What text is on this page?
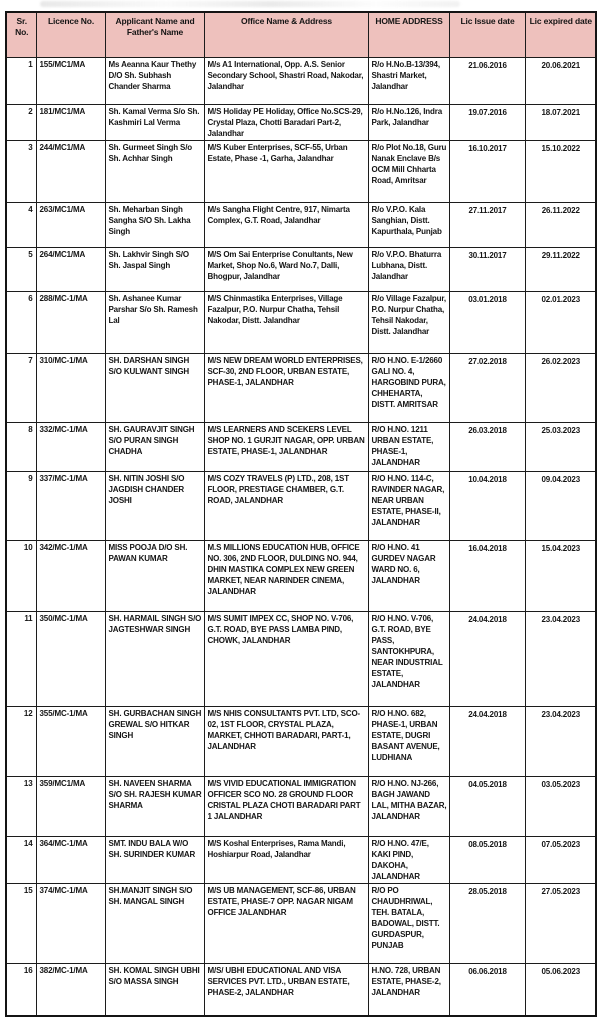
Sr. No.	Licence No.	Applicant Name and Father's Name	Office Name & Address	HOME ADDRESS	Lic Issue date	Lic expired date
1	155/MC1/MA	Ms Aeanna Kaur Thethy D/O Sh. Subhash Chander Sharma	M/s A1 International, Opp. A.S. Senior Secondary School, Shastri Road, Nakodar, Jalandhar	R/o H.No.B-13/394, Shastri Market, Jalandhar	21.06.2016	20.06.2021
2	181/MC1/MA	Sh. Kamal Verma S/o Sh. Kashmiri Lal Verma	M/S Holiday PE Holiday, Office No.SCS-29, Crystal Plaza, Chotti Baradari Part-2, Jalandhar	R/o H.No.126, Indra Park, Jalandhar	19.07.2016	18.07.2021
3	244/MC1/MA	Sh. Gurmeet Singh S/o Sh. Achhar Singh	M/S Kuber Enterprises, SCF-55, Urban Estate, Phase -1, Garha, Jalandhar	R/o Plot No.18, Guru Nanak Enclave B/s OCM Mill Chharta Road, Amritsar	16.10.2017	15.10.2022
4	263/MC1/MA	Sh. Meharban Singh Sangha S/O Sh. Lakha Singh	M/s Sangha Flight Centre, 917, Nimarta Complex, G.T. Road, Jalandhar	R/o V.P.O. Kala Sanghian, Distt. Kapurthala, Punjab	27.11.2017	26.11.2022
5	264/MC1/MA	Sh. Lakhvir Singh S/O Sh. Jaspal Singh	M/S Om Sai Enterprise Conultants, New Market, Shop No.6, Ward No.7, Dalli, Bhogpur, Jalandhar	R/o V.P.O. Bhaturra Lubhana, Distt. Jalandhar	30.11.2017	29.11.2022
6	288/MC-1/MA	Sh. Ashanee Kumar Parshar S/o Sh. Ramesh Lal	M/S Chinmastika Enterprises, Village Fazalpur, P.O. Nurpur Chatha, Tehsil Nakodar, Distt. Jalandhar	R/o Village Fazalpur, P.O. Nurpur Chatha, Tehsil Nakodar, Distt. Jalandhar	03.01.2018	02.01.2023
7	310/MC-1/MA	SH. DARSHAN SINGH S/O KULWANT SINGH	M/S NEW DREAM WORLD ENTERPRISES, SCF-30, 2ND FLOOR, URBAN ESTATE, PHASE-1, JALANDHAR	R/O H.NO. E-1/2660 GALI NO. 4, HARGOBIND PURA, CHHEHARTA, DISTT. AMRITSAR	27.02.2018	26.02.2023
8	332/MC-1/MA	SH. GAURAVJIT SINGH S/O PURAN SINGH CHADHA	M/S LEARNERS AND SCEKERS LEVEL SHOP NO. 1 GURJIT NAGAR, OPP. URBAN ESTATE, PHASE-1, JALANDHAR	R/O H.NO. 1211 URBAN ESTATE, PHASE-1, JALANDHAR	26.03.2018	25.03.2023
9	337/MC-1/MA	SH. NITIN JOSHI S/O JAGDISH CHANDER JOSHI	M/S COZY TRAVELS (P) LTD., 208, 1ST FLOOR, PRESTIAGE CHAMBER, G.T. ROAD, JALANDHAR	R/O H.NO. 114-C, RAVINDER NAGAR, NEAR URBAN ESTATE, PHASE-II, JALANDHAR	10.04.2018	09.04.2023
10	342/MC-1/MA	MISS POOJA D/O SH. PAWAN KUMAR	M.S MILLIONS EDUCATION HUB, OFFICE NO. 306, 2ND FLOOR, DULDING NO. 944, DHIN MASTIKA COMPLEX NEW GREEN MARKET, NEAR NARINDER CINEMA, JALANDHAR	R/O H.NO. 41 GURDEV NAGAR WARD NO. 6, JALANDHAR	16.04.2018	15.04.2023
11	350/MC-1/MA	SH. HARMAIL SINGH S/O JAGTESHWAR SINGH	M/S SUMIT IMPEX CC, SHOP NO. V-706, G.T. ROAD, BYE PASS LAMBA PIND, CHOWK, JALANDHAR	R/O H.NO. V-706, G.T. ROAD, BYE PASS, SANTOKHPURA, NEAR INDUSTRIAL ESTATE, JALANDHAR	24.04.2018	23.04.2023
12	355/MC-1/MA	SH. GURBACHAN SINGH GREWAL S/O HITKAR SINGH	M/S NHIS CONSULTANTS PVT. LTD, SCO-02, 1ST FLOOR, CRYSTAL PLAZA, MARKET, CHHOTI BARADARI, PART-1, JALANDHAR	R/O H.NO. 682, PHASE-1, URBAN ESTATE, DUGRI BASANT AVENUE, LUDHIANA	24.04.2018	23.04.2023
13	359/MC1/MA	SH. NAVEEN SHARMA S/O SH. RAJESH KUMAR SHARMA	M/S VIVID EDUCATIONAL IMMIGRATION OFFICER SCO NO. 28 GROUND FLOOR CRISTAL PLAZA CHOTI BARADARI PART 1 JALANDHAR	R/O H.NO. NJ-266, BAGH JAWAND LAL, MITHA BAZAR, JALANDHAR	04.05.2018	03.05.2023
14	364/MC-1/MA	SMT. INDU BALA W/O SH. SURINDER KUMAR	M/S Koshal Enterprises, Rama Mandi, Hoshiarpur Road, Jalandhar	R/O H.NO. 47/E, KAKI PIND, DAKOHA, JALANDHAR	08.05.2018	07.05.2023
15	374/MC-1/MA	SH.MANJIT SINGH S/O SH. MANGAL SINGH	M/S UB MANAGEMENT, SCF-86, URBAN ESTATE, PHASE-7 OPP. NAGAR NIGAM OFFICE JALANDHAR	R/O PO CHAUDHRIWAL, TEH. BATALA, BADOWAL, DISTT. GURDASPUR, PUNJAB	28.05.2018	27.05.2023
16	382/MC-1/MA	SH. KOMAL SINGH UBHI S/O MASSA SINGH	M/S/ UBHI EDUCATIONAL AND VISA SERVICES PVT. LTD., URBAN ESTATE, PHASE-2, JALANDHAR	H.NO. 728, URBAN ESTATE, PHASE-2, JALANDHAR	06.06.2018	05.06.2023
